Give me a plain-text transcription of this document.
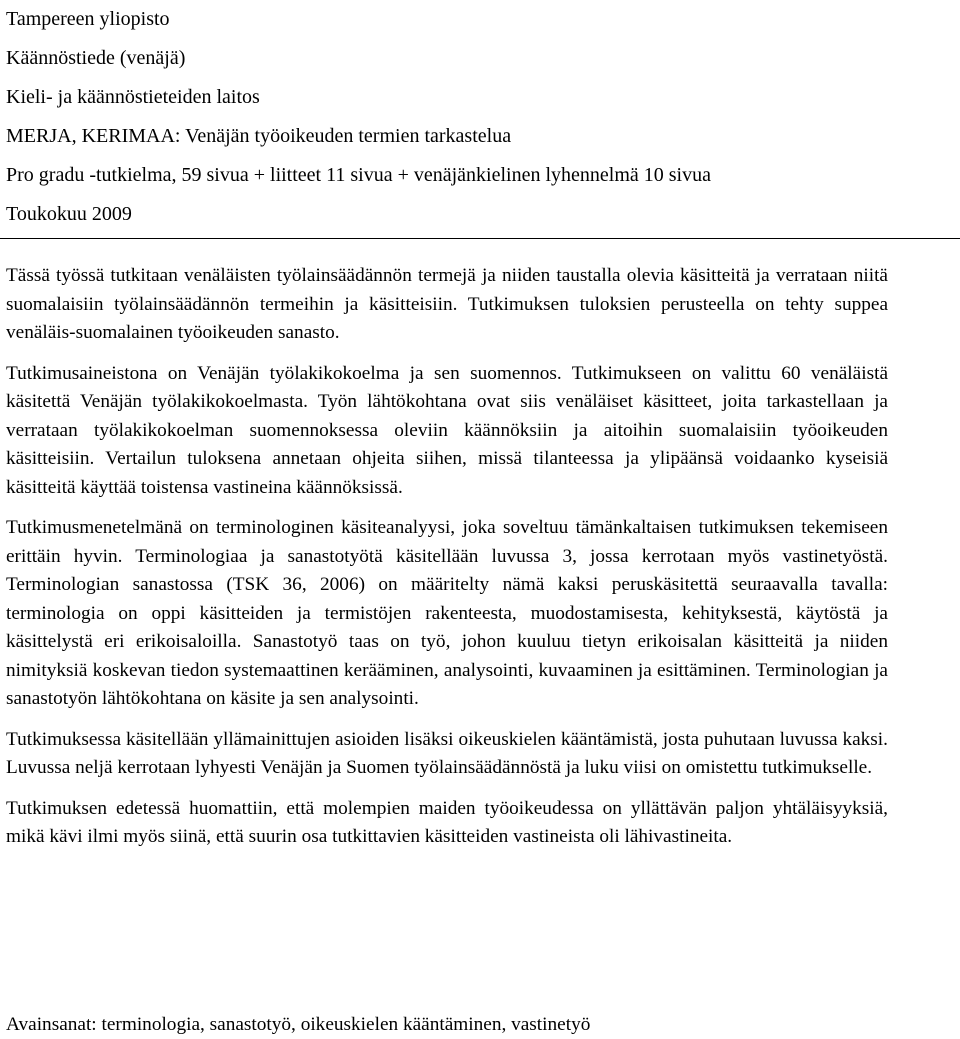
Tampereen yliopisto
Käännöstiede (venäjä)
Kieli- ja käännöstieteiden laitos
MERJA, KERIMAA: Venäjän työoikeuden termien tarkastelua
Pro gradu -tutkielma, 59 sivua + liitteet 11 sivua + venäjänkielinen lyhennelmä 10 sivua
Toukokuu 2009

Tässä työssä tutkitaan venäläisten työlainsäädännön termejä ja niiden taustalla olevia käsitteitä ja verrataan niitä suomalaisiin työlainsäädännön termeihin ja käsitteisiin. Tutkimuksen tuloksien perusteella on tehty suppea venäläis-suomalainen työoikeuden sanasto.

Tutkimusaineistona on Venäjän työlakikokoelma ja sen suomennos. Tutkimukseen on valittu 60 venäläistä käsitettä Venäjän työlakikokoelmasta. Työn lähtökohtana ovat siis venäläiset käsitteet, joita tarkastellaan ja verrataan työlakikokoelman suomennoksessa oleviin käännöksiin ja aitoihin suomalaisiin työoikeuden käsitteisiin. Vertailun tuloksena annetaan ohjeita siihen, missä tilanteessa ja ylipäänsä voidaanko kyseisiä käsitteitä käyttää toistensa vastineina käännöksissä.

Tutkimusmenetelmänä on terminologinen käsiteanalyysi, joka soveltuu tämänkaltaisen tutkimuksen tekemiseen erittäin hyvin. Terminologiaa ja sanastotyötä käsitellään luvussa 3, jossa kerrotaan myös vastinetyöstä. Terminologian sanastossa (TSK 36, 2006) on määritelty nämä kaksi peruskäsitettä seuraavalla tavalla: terminologia on oppi käsitteiden ja termistöjen rakenteesta, muodostamisesta, kehityksestä, käytöstä ja käsittelystä eri erikoisaloilla. Sanastotyö taas on työ, johon kuuluu tietyn erikoisalan käsitteitä ja niiden nimityksiä koskevan tiedon systemaattinen kerääminen, analysointi, kuvaaminen ja esittäminen. Terminologian ja sanastotyön lähtökohtana on käsite ja sen analysointi.

Tutkimuksessa käsitellään yllämainittujen asioiden lisäksi oikeuskielen kääntämistä, josta puhutaan luvussa kaksi. Luvussa neljä kerrotaan lyhyesti Venäjän ja Suomen työlainsäädännöstä ja luku viisi on omistettu tutkimukselle.

Tutkimuksen edetessä huomattiin, että molempien maiden työoikeudessa on yllättävän paljon yhtäläisyyksiä, mikä kävi ilmi myös siinä, että suurin osa tutkittavien käsitteiden vastineista oli lähivastineita.

Avainsanat: terminologia, sanastotyö, oikeuskielen kääntäminen, vastinetyö
